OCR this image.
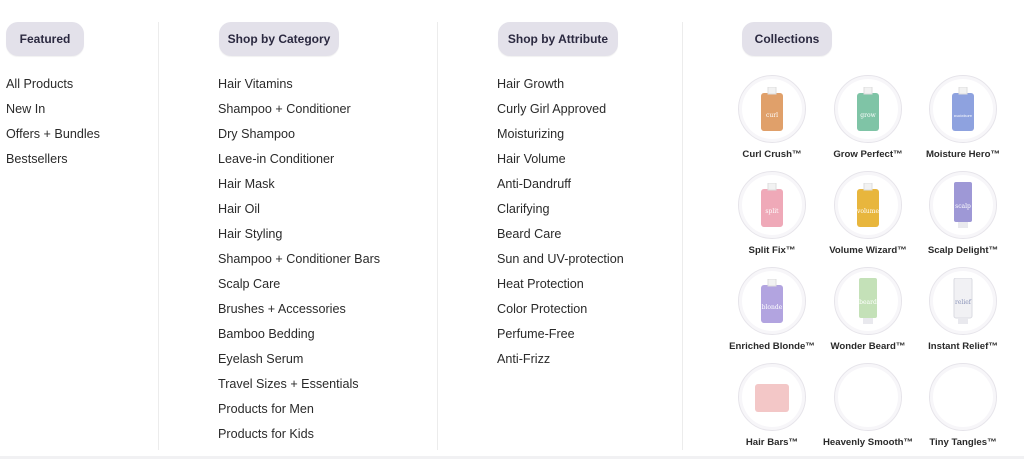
Featured
All Products
New In
Offers + Bundles
Bestsellers
Shop by Category
Hair Vitamins
Shampoo + Conditioner
Dry Shampoo
Leave-in Conditioner
Hair Mask
Hair Oil
Hair Styling
Shampoo + Conditioner Bars
Scalp Care
Brushes + Accessories
Bamboo Bedding
Eyelash Serum
Travel Sizes + Essentials
Products for Men
Products for Kids
Shop by Attribute
Hair Growth
Curly Girl Approved
Moisturizing
Hair Volume
Anti-Dandruff
Clarifying
Beard Care
Sun and UV-protection
Heat Protection
Color Protection
Perfume-Free
Anti-Frizz
Collections
curl
Curl Crush™
grow
Grow Perfect™
moisture
Moisture Hero™
split
Split Fix™
volume
Volume Wizard™
scalp
Scalp Delight™
blonde
Enriched Blonde™
beard
Wonder Beard™
relief
Instant Relief™
Hair Bars™	Heavenly Smooth™	Tiny Tangles™
